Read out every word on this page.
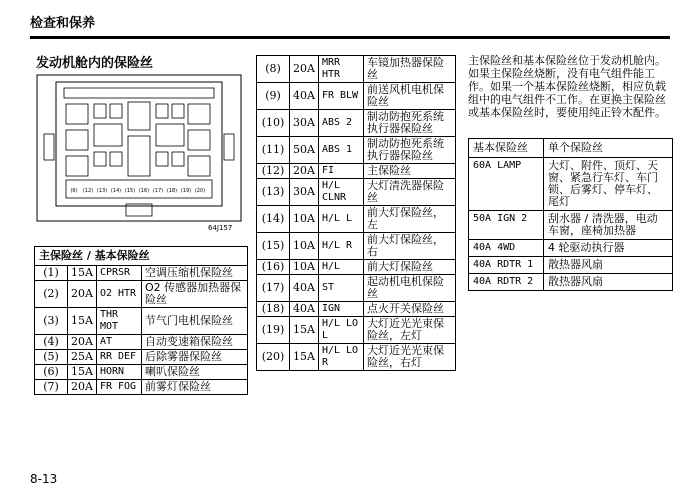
检查和保养
发动机舱内的保险丝
(6) (12) (13) (14) (15) (16) (17) (18) (19) (20)
64J157
主保险丝 / 基本保险丝			
(1)	15A	CPRSR	空调压缩机保险丝
(2)	20A	O2 HTR	O2 传感器加热器保险丝
(3)	15A	THR MOT	节气门电机保险丝
(4)	20A	AT	自动变速箱保险丝
(5)	25A	RR DEF	后除雾器保险丝
(6)	15A	HORN	喇叭保险丝
(7)	20A	FR FOG	前雾灯保险丝
(8)	20A	MRR HTR	车镜加热器保险丝
(9)	40A	FR BLW	前送风机电机保险丝
(10)	30A	ABS 2	制动防抱死系统执行器保险丝
(11)	50A	ABS 1	制动防抱死系统执行器保险丝
(12)	20A	FI	主保险丝
(13)	30A	H/L CLNR	大灯清洗器保险丝
(14)	10A	H/L L	前大灯保险丝，左
(15)	10A	H/L R	前大灯保险丝，右
(16)	10A	H/L	前大灯保险丝
(17)	40A	ST	起动机电机保险丝
(18)	40A	IGN	点火开关保险丝
(19)	15A	H/L LO L	大灯近光光束保险丝，左灯
(20)	15A	H/L LO R	大灯近光光束保险丝，右灯
主保险丝和基本保险丝位于发动机舱内。如果主保险丝烧断，没有电气组件能工作。如果一个基本保险丝烧断，相应负载组中的电气组件不工作。在更换主保险丝或基本保险丝时，要使用纯正铃木配件。
基本保险丝	单个保险丝
60A LAMP	大灯、附件、顶灯、天窗、紧急行车灯、车门锁、后雾灯、停车灯、尾灯
50A IGN 2	刮水器 / 清洗器，电动车窗，座椅加热器
40A 4WD	4 轮驱动执行器
40A RDTR 1	散热器风扇
40A RDTR 2	散热器风扇
8-13
